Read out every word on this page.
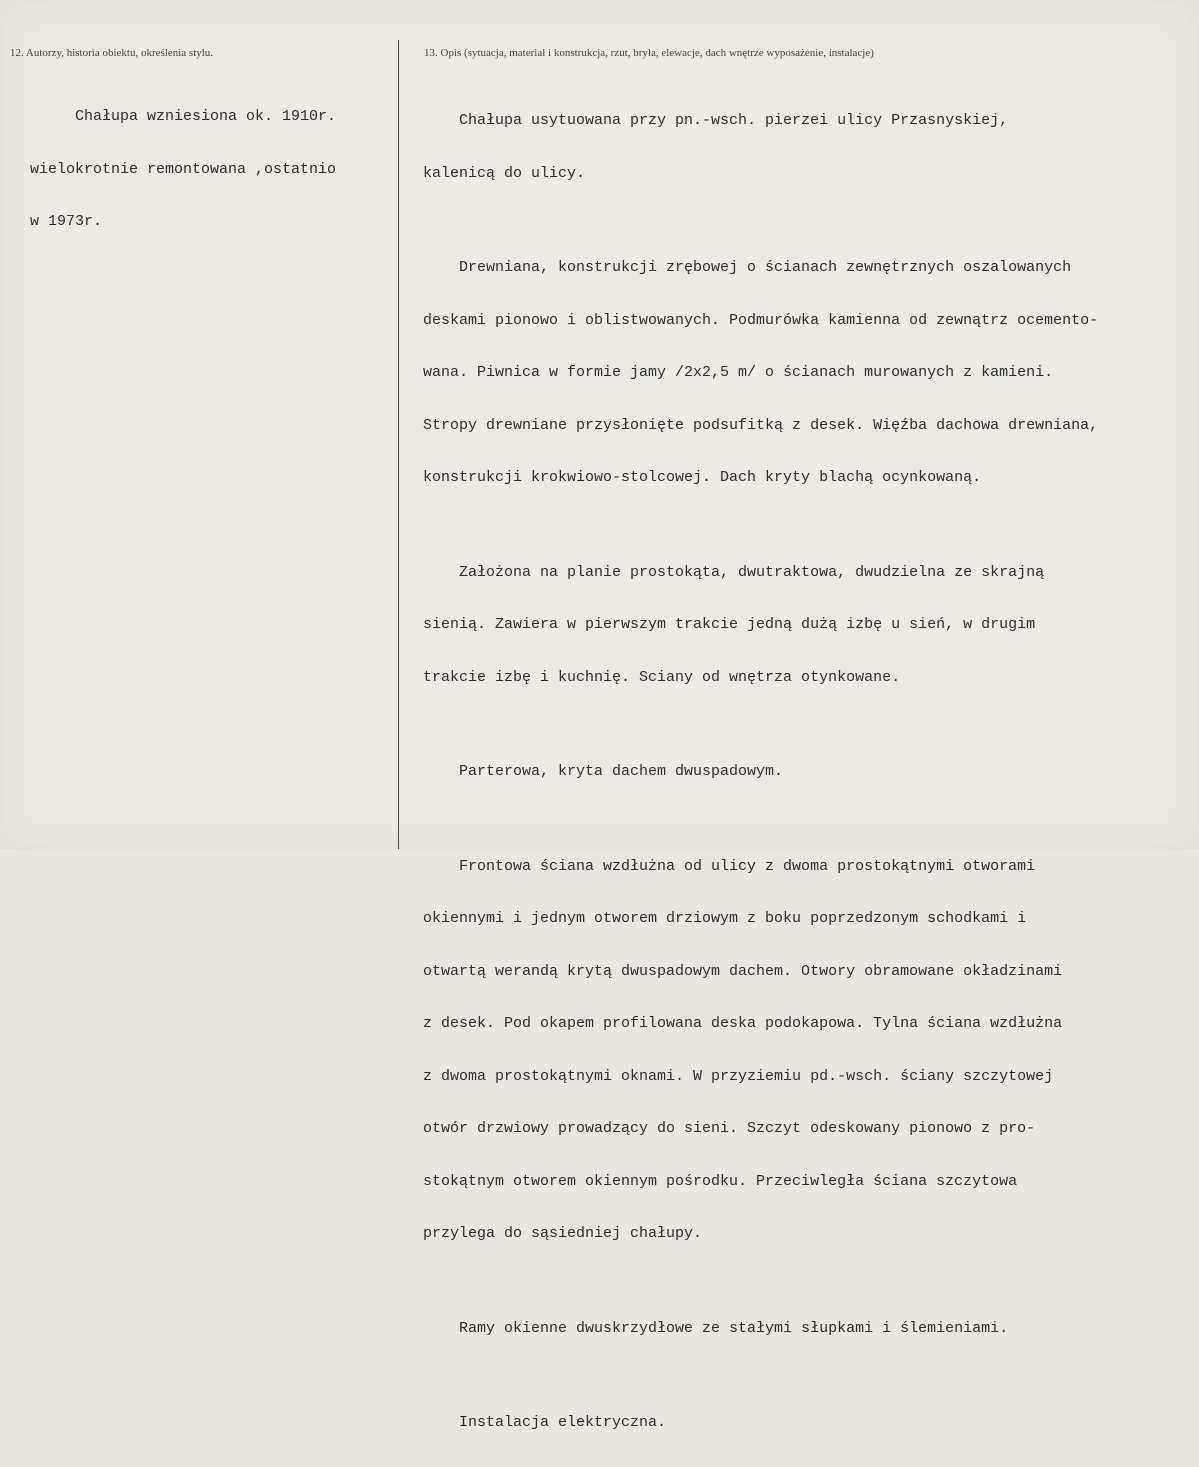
12. Autorzy, historia obiektu, określenia stylu.	13. Opis (sytuacja, materiał i konstrukcja, rzut, bryła, elewacje, dach wnętrze wyposażenie, instalacje)

Chałupa wzniesiona ok. 1910r.

wielokrotnie remontowana ,ostatnio

w 1973r.

Chałupa usytuowana przy pn.-wsch. pierzei ulicy Przasnyskiej,

kalenicą do ulicy.

Drewniana, konstrukcji zrębowej o ścianach zewnętrznych oszalowanych

deskami pionowo i oblistwowanych. Podmurówka kamienna od zewnątrz ocemento-

wana. Piwnica w formie jamy /2x2,5 m/ o ścianach murowanych z kamieni.

Stropy drewniane przysłonięte podsufitką z desek. Więźba dachowa drewniana,

konstrukcji krokwiowo-stolcowej. Dach kryty blachą ocynkowaną.

Założona na planie prostokąta, dwutraktowa, dwudzielna ze skrajną

sienią. Zawiera w pierwszym trakcie jedną dużą izbę u sień, w drugim

trakcie izbę i kuchnię. Sciany od wnętrza otynkowane.

Parterowa, kryta dachem dwuspadowym.

Frontowa ściana wzdłużna od ulicy z dwoma prostokątnymi otworami

okiennymi i jednym otworem drziowym z boku poprzedzonym schodkami i

otwartą werandą krytą dwuspadowym dachem. Otwory obramowane okładzinami

z desek. Pod okapem profilowana deska podokapowa. Tylna ściana wzdłużna

z dwoma prostokątnymi oknami. W przyziemiu pd.-wsch. ściany szczytowej

otwór drzwiowy prowadzący do sieni. Szczyt odeskowany pionowo z pro-

stokątnym otworem okiennym pośrodku. Przeciwległa ściana szczytowa

przylega do sąsiedniej chałupy.

Ramy okienne dwuskrzydłowe ze stałymi słupkami i ślemieniami.

Instalacja elektryczna.
